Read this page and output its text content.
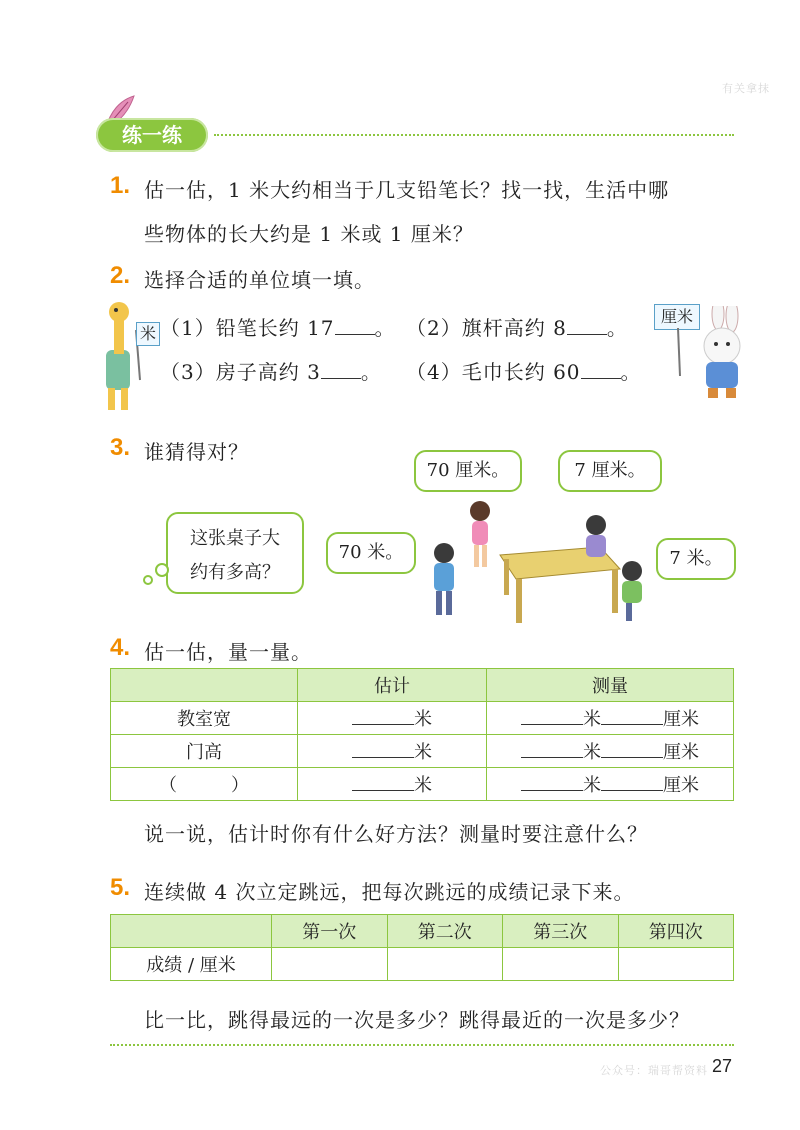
有关拿抹
练一练
1. 估一估，1 米大约相当于几支铅笔长？找一找，生活中哪
些物体的长大约是 1 米或 1 厘米？
2. 选择合适的单位填一填。
米 （1）铅笔长约 17 。 （2）旗杆高约 8 。
（3）房子高约 3 。 （4）毛巾长约 60 。
厘米
3. 谁猜得对？
这张桌子大
约有多高？
70 厘米。	7 厘米。
70 米。	7 米。
4. 估一估，量一量。
	估计	测量
教室宽	米	米 厘米
门高	米	米 厘米
（　　　）	米	米 厘米
说一说，估计时你有什么好方法？测量时要注意什么？
5. 连续做 4 次立定跳远，把每次跳远的成绩记录下来。
	第一次	第二次	第三次	第四次
成绩 / 厘米				
比一比，跳得最远的一次是多少？跳得最近的一次是多少？
公众号：瑞哥帮资料 27
